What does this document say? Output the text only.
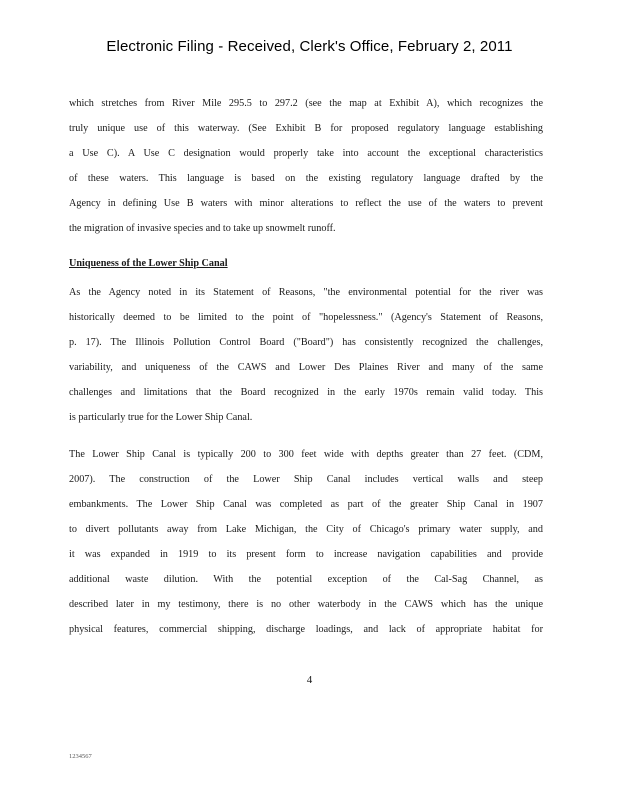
Electronic Filing - Received, Clerk's Office, February 2, 2011
which stretches from River Mile 295.5 to 297.2 (see the map at Exhibit A), which recognizes the
truly unique use of this waterway. (See Exhibit B for proposed regulatory language establishing
a Use C). A Use C designation would properly take into account the exceptional characteristics
of these waters. This language is based on the existing regulatory language drafted by the
Agency in defining Use B waters with minor alterations to reflect the use of the waters to prevent
the migration of invasive species and to take up snowmelt runoff.
Uniqueness of the Lower Ship Canal
As the Agency noted in its Statement of Reasons, "the environmental potential for the river was
historically deemed to be limited to the point of "hopelessness." (Agency's Statement of Reasons,
p. 17). The Illinois Pollution Control Board ("Board") has consistently recognized the challenges,
variability, and uniqueness of the CAWS and Lower Des Plaines River and many of the same
challenges and limitations that the Board recognized in the early 1970s remain valid today. This
is particularly true for the Lower Ship Canal.
The Lower Ship Canal is typically 200 to 300 feet wide with depths greater than 27 feet. (CDM,
2007). The construction of the Lower Ship Canal includes vertical walls and steep
embankments. The Lower Ship Canal was completed as part of the greater Ship Canal in 1907
to divert pollutants away from Lake Michigan, the City of Chicago's primary water supply, and
it was expanded in 1919 to its present form to increase navigation capabilities and provide
additional waste dilution. With the potential exception of the Cal-Sag Channel, as
described later in my testimony, there is no other waterbody in the CAWS which has the unique
physical features, commercial shipping, discharge loadings, and lack of appropriate habitat for
4
1234567
